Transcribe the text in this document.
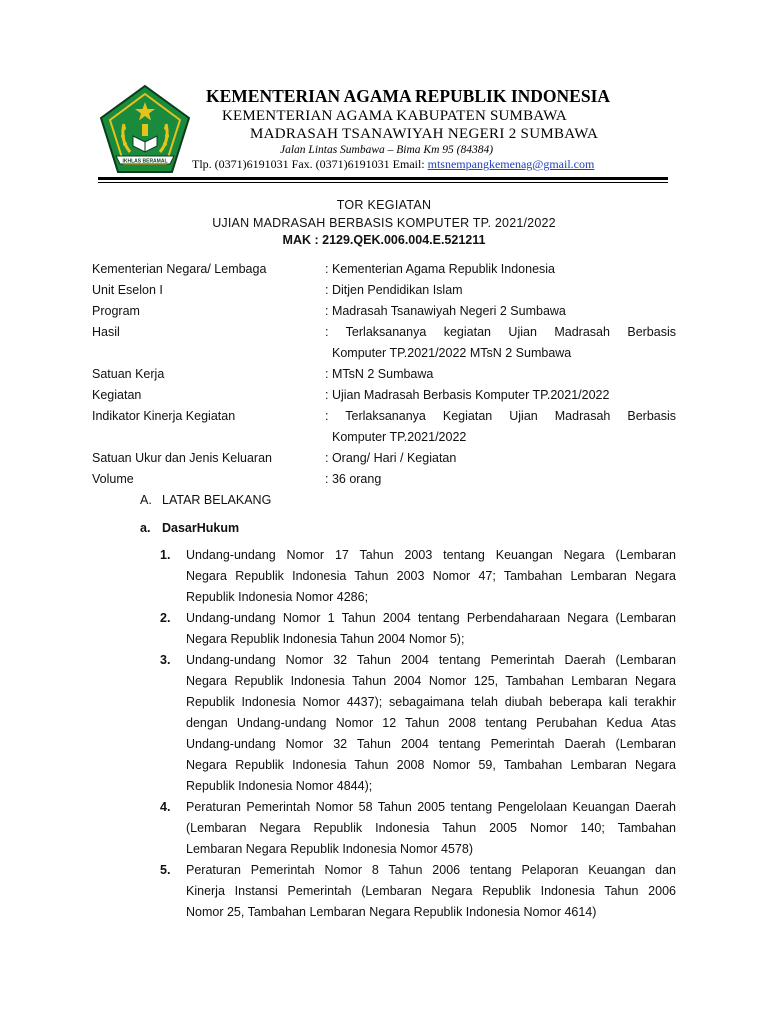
IKHLAS BERAMAL
KEMENTERIAN AGAMA REPUBLIK INDONESIA
KEMENTERIAN AGAMA KABUPATEN SUMBAWA
MADRASAH TSANAWIYAH NEGERI 2 SUMBAWA
Jalan Lintas Sumbawa – Bima Km 95 (84384)
Tlp. (0371)6191031 Fax. (0371)6191031 Email: mtsnempangkemenag@gmail.com
TOR KEGIATAN
UJIAN MADRASAH BERBASIS KOMPUTER TP. 2021/2022
MAK : 2129.QEK.006.004.E.521211
Kementerian Negara/ Lembaga	: Kementerian Agama Republik Indonesia
Unit Eselon I	: Ditjen Pendidikan Islam
Program	: Madrasah Tsanawiyah Negeri 2 Sumbawa
Hasil	: Terlaksananya kegiatan Ujian Madrasah Berbasis
Komputer TP.2021/2022 MTsN 2 Sumbawa
Satuan Kerja	: MTsN 2 Sumbawa
Kegiatan	: Ujian Madrasah Berbasis Komputer TP.2021/2022
Indikator Kinerja Kegiatan	: Terlaksananya Kegiatan Ujian Madrasah Berbasis
Komputer TP.2021/2022
Satuan Ukur dan Jenis Keluaran	: Orang/ Hari / Kegiatan
Volume	: 36 orang
A. LATAR BELAKANG
a. DasarHukum
1. Undang-undang Nomor 17 Tahun 2003 tentang Keuangan Negara (Lembaran
Negara Republik Indonesia Tahun 2003 Nomor 47; Tambahan Lembaran Negara
Republik Indonesia Nomor 4286;
2. Undang-undang Nomor 1 Tahun 2004 tentang Perbendaharaan Negara (Lembaran
Negara Republik Indonesia Tahun 2004 Nomor 5);
3. Undang-undang Nomor 32 Tahun 2004 tentang Pemerintah Daerah (Lembaran
Negara Republik Indonesia Tahun 2004 Nomor 125, Tambahan Lembaran Negara
Republik Indonesia Nomor 4437); sebagaimana telah diubah beberapa kali terakhir
dengan Undang-undang Nomor 12 Tahun 2008 tentang Perubahan Kedua Atas
Undang-undang Nomor 32 Tahun 2004 tentang Pemerintah Daerah (Lembaran
Negara Republik Indonesia Tahun 2008 Nomor 59, Tambahan Lembaran Negara
Republik Indonesia Nomor 4844);
4. Peraturan Pemerintah Nomor 58 Tahun 2005 tentang Pengelolaan Keuangan Daerah
(Lembaran Negara Republik Indonesia Tahun 2005 Nomor 140; Tambahan
Lembaran Negara Republik Indonesia Nomor 4578)
5. Peraturan Pemerintah Nomor 8 Tahun 2006 tentang Pelaporan Keuangan dan
Kinerja Instansi Pemerintah (Lembaran Negara Republik Indonesia Tahun 2006
Nomor 25, Tambahan Lembaran Negara Republik Indonesia Nomor 4614)
